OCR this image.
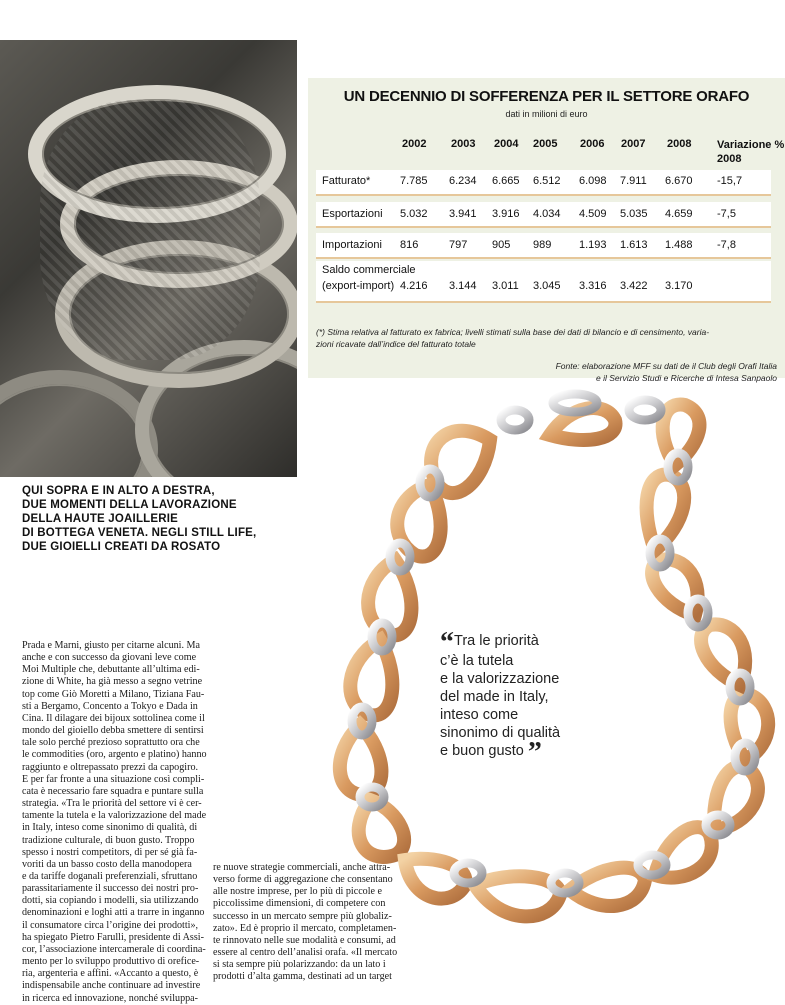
QUI SOPRA E IN ALTO A DESTRA,
DUE MOMENTI DELLA LAVORAZIONE
DELLA HAUTE JOAILLERIE
DI BOTTEGA VENETA. NEGLI STILL LIFE,
DUE GIOIELLI CREATI DA ROSATO
UN DECENNIO DI SOFFERENZA PER IL SETTORE ORAFO
dati in milioni di euro
2002 2003 2004 2005 2006 2007 2008 Variazione %
2008
Fatturato*	7.785 6.234 6.665 6.512 6.098 7.911 6.670 -15,7
Esportazioni 5.032 3.941 3.916 4.034 4.509 5.035 4.659 -7,5
Importazioni 816	797 905 989	1.193 1.613 1.488 -7,8
Saldo commerciale
(export-import) 4.216 3.144 3.011 3.045 3.316 3.422 3.170
(*) Stima relativa al fatturato ex fabrica; livelli stimati sulla base dei dati di bilancio e di censimento, varia-
zioni ricavate dall’indice del fatturato totale
Fonte: elaborazione MFF su dati de il Club degli Orafi Italia
e il Servizio Studi e Ricerche di Intesa Sanpaolo
“Tra le priorità
c’è la tutela
e la valorizzazione
del made in Italy,
inteso come
sinonimo di qualità
e buon gusto ”
Prada e Marni, giusto per citarne alcuni. Ma
anche e con successo da giovani leve come
Moi Multiple che, debuttante all’ultima edi-
zione di White, ha già messo a segno vetrine
top come Giò Moretti a Milano, Tiziana Fau-
sti a Bergamo, Concento a Tokyo e Dada in
Cina. Il dilagare dei bijoux sottolinea come il
mondo del gioiello debba smettere di sentirsi
tale solo perché prezioso soprattutto ora che
le commodities (oro, argento e platino) hanno
raggiunto e oltrepassato prezzi da capogiro.
E per far fronte a una situazione così compli-
cata è necessario fare squadra e puntare sulla
strategia. «Tra le priorità del settore vi è cer-
tamente la tutela e la valorizzazione del made
in Italy, inteso come sinonimo di qualità, di
tradizione culturale, di buon gusto. Troppo
spesso i nostri competitors, di per sé già fa-
voriti da un basso costo della manodopera
e da tariffe doganali preferenziali, sfruttano
parassitariamente il successo dei nostri pro-
dotti, sia copiando i modelli, sia utilizzando
denominazioni e loghi atti a trarre in inganno
il consumatore circa l’origine dei prodotti»,
ha spiegato Pietro Farulli, presidente di Assi-
cor, l’associazione intercamerale di coordina-
mento per lo sviluppo produttivo di orefice-
ria, argenteria e affini. «Accanto a questo, è
indispensabile anche continuare ad investire
in ricerca ed innovazione, nonché sviluppa-
re nuove strategie commerciali, anche attra-
verso forme di aggregazione che consentano
alle nostre imprese, per lo più di piccole e
piccolissime dimensioni, di competere con
successo in un mercato sempre più globaliz-
zato». Ed è proprio il mercato, completamen-
te rinnovato nelle sue modalità e consumi, ad
essere al centro dell’analisi orafa. «Il mercato
si sta sempre più polarizzando: da un lato i
prodotti d’alta gamma, destinati ad un target
